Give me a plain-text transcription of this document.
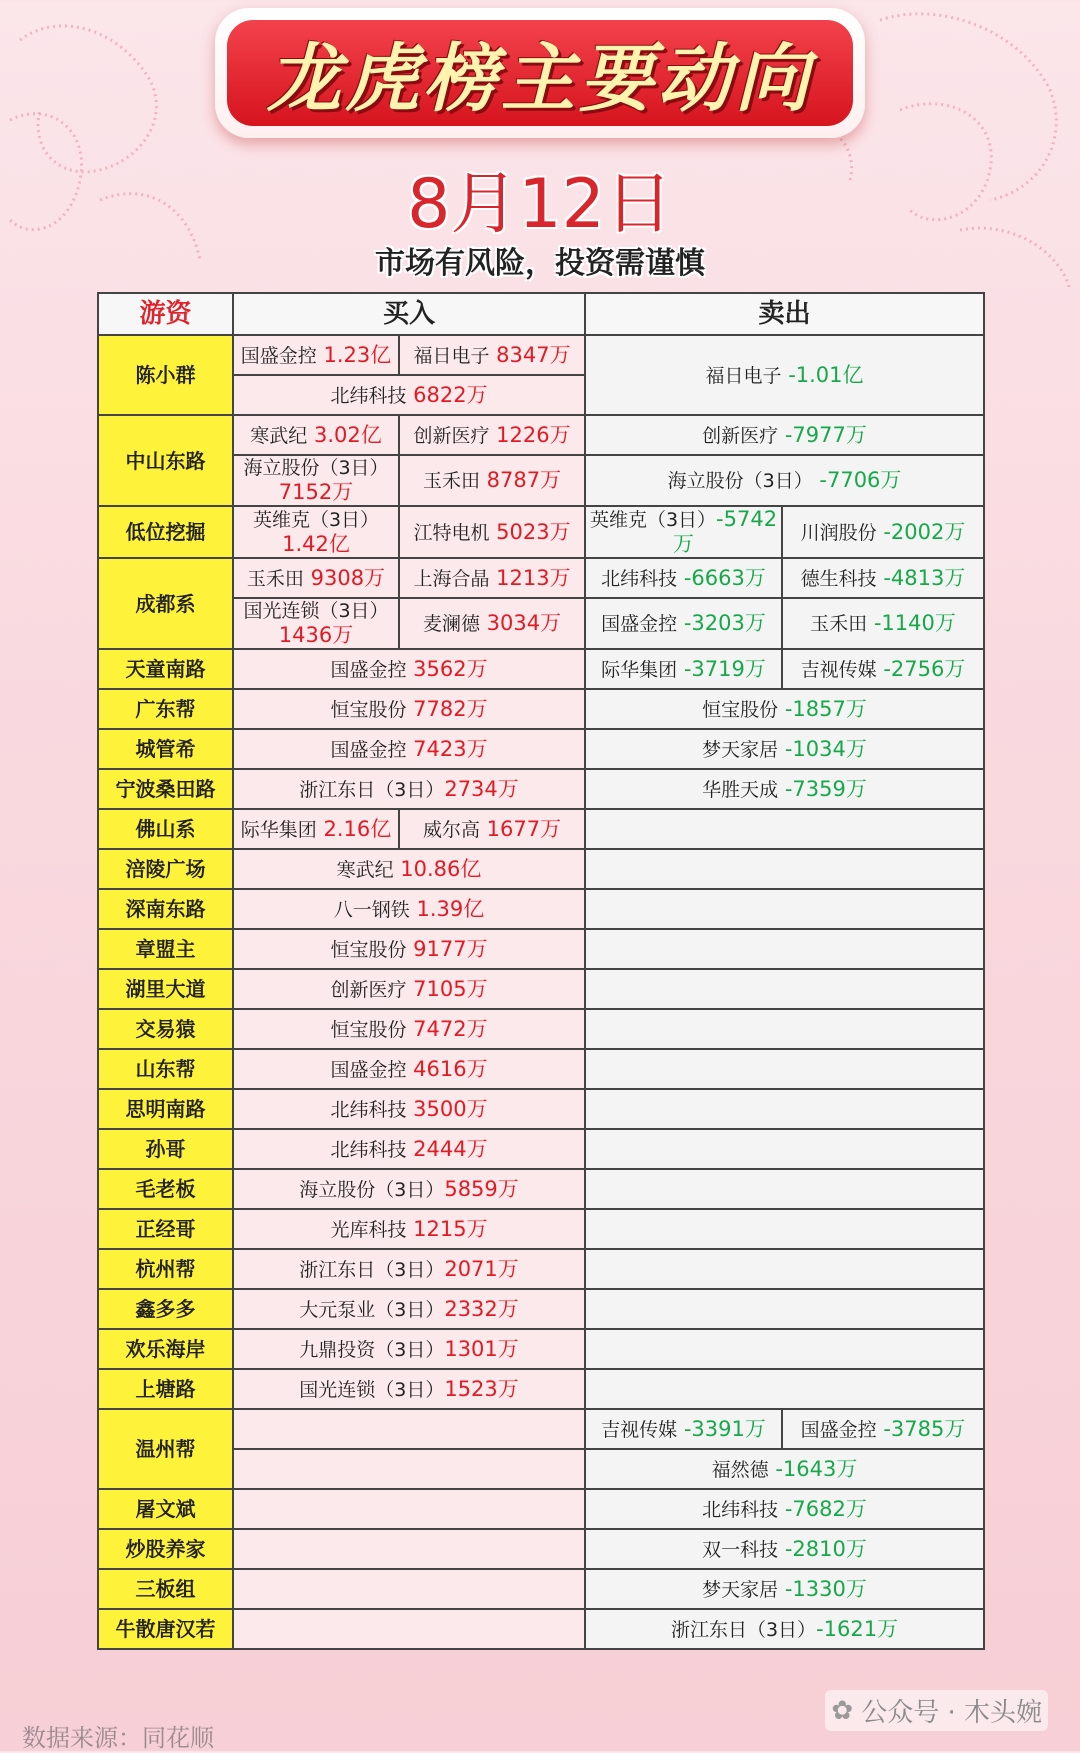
龙虎榜主要动向
8月12日
市场有风险，投资需谨慎
游资	买入		卖出	
陈小群	国盛金控 1.23亿	福日电子 8347万	福日电子 -1.01亿	
	北纬科技 6822万			
中山东路	寒武纪 3.02亿	创新医疗 1226万	创新医疗 -7977万	
	海立股份（3日）7152万	玉禾田 8787万	海立股份（3日） -7706万	
低位挖掘	英维克（3日）1.42亿	江特电机 5023万	英维克（3日）-5742万	川润股份 -2002万
成都系	玉禾田 9308万	上海合晶 1213万	北纬科技 -6663万	德生科技 -4813万
	国光连锁（3日）1436万	麦澜德 3034万	国盛金控 -3203万	玉禾田 -1140万
天童南路	国盛金控 3562万		际华集团 -3719万	吉视传媒 -2756万
广东帮	恒宝股份 7782万		恒宝股份 -1857万	
城管希	国盛金控 7423万		梦天家居 -1034万	
宁波桑田路	浙江东日（3日）2734万		华胜天成 -7359万	
佛山系	际华集团 2.16亿	威尔高 1677万		
涪陵广场	寒武纪 10.86亿			
深南东路	八一钢铁 1.39亿			
章盟主	恒宝股份 9177万			
湖里大道	创新医疗 7105万			
交易猿	恒宝股份 7472万			
山东帮	国盛金控 4616万			
思明南路	北纬科技 3500万			
孙哥	北纬科技 2444万			
毛老板	海立股份（3日）5859万			
正经哥	光库科技 1215万			
杭州帮	浙江东日（3日）2071万			
鑫多多	大元泵业（3日）2332万			
欢乐海岸	九鼎投资（3日）1301万			
上塘路	国光连锁（3日）1523万			
温州帮			吉视传媒 -3391万	国盛金控 -3785万
			福然德 -1643万	
屠文斌			北纬科技 -7682万	
炒股养家			双一科技 -2810万	
三板组			梦天家居 -1330万	
牛散唐汉若			浙江东日（3日）-1621万	
数据来源：同花顺
✿ 公众号 · 木头婉
